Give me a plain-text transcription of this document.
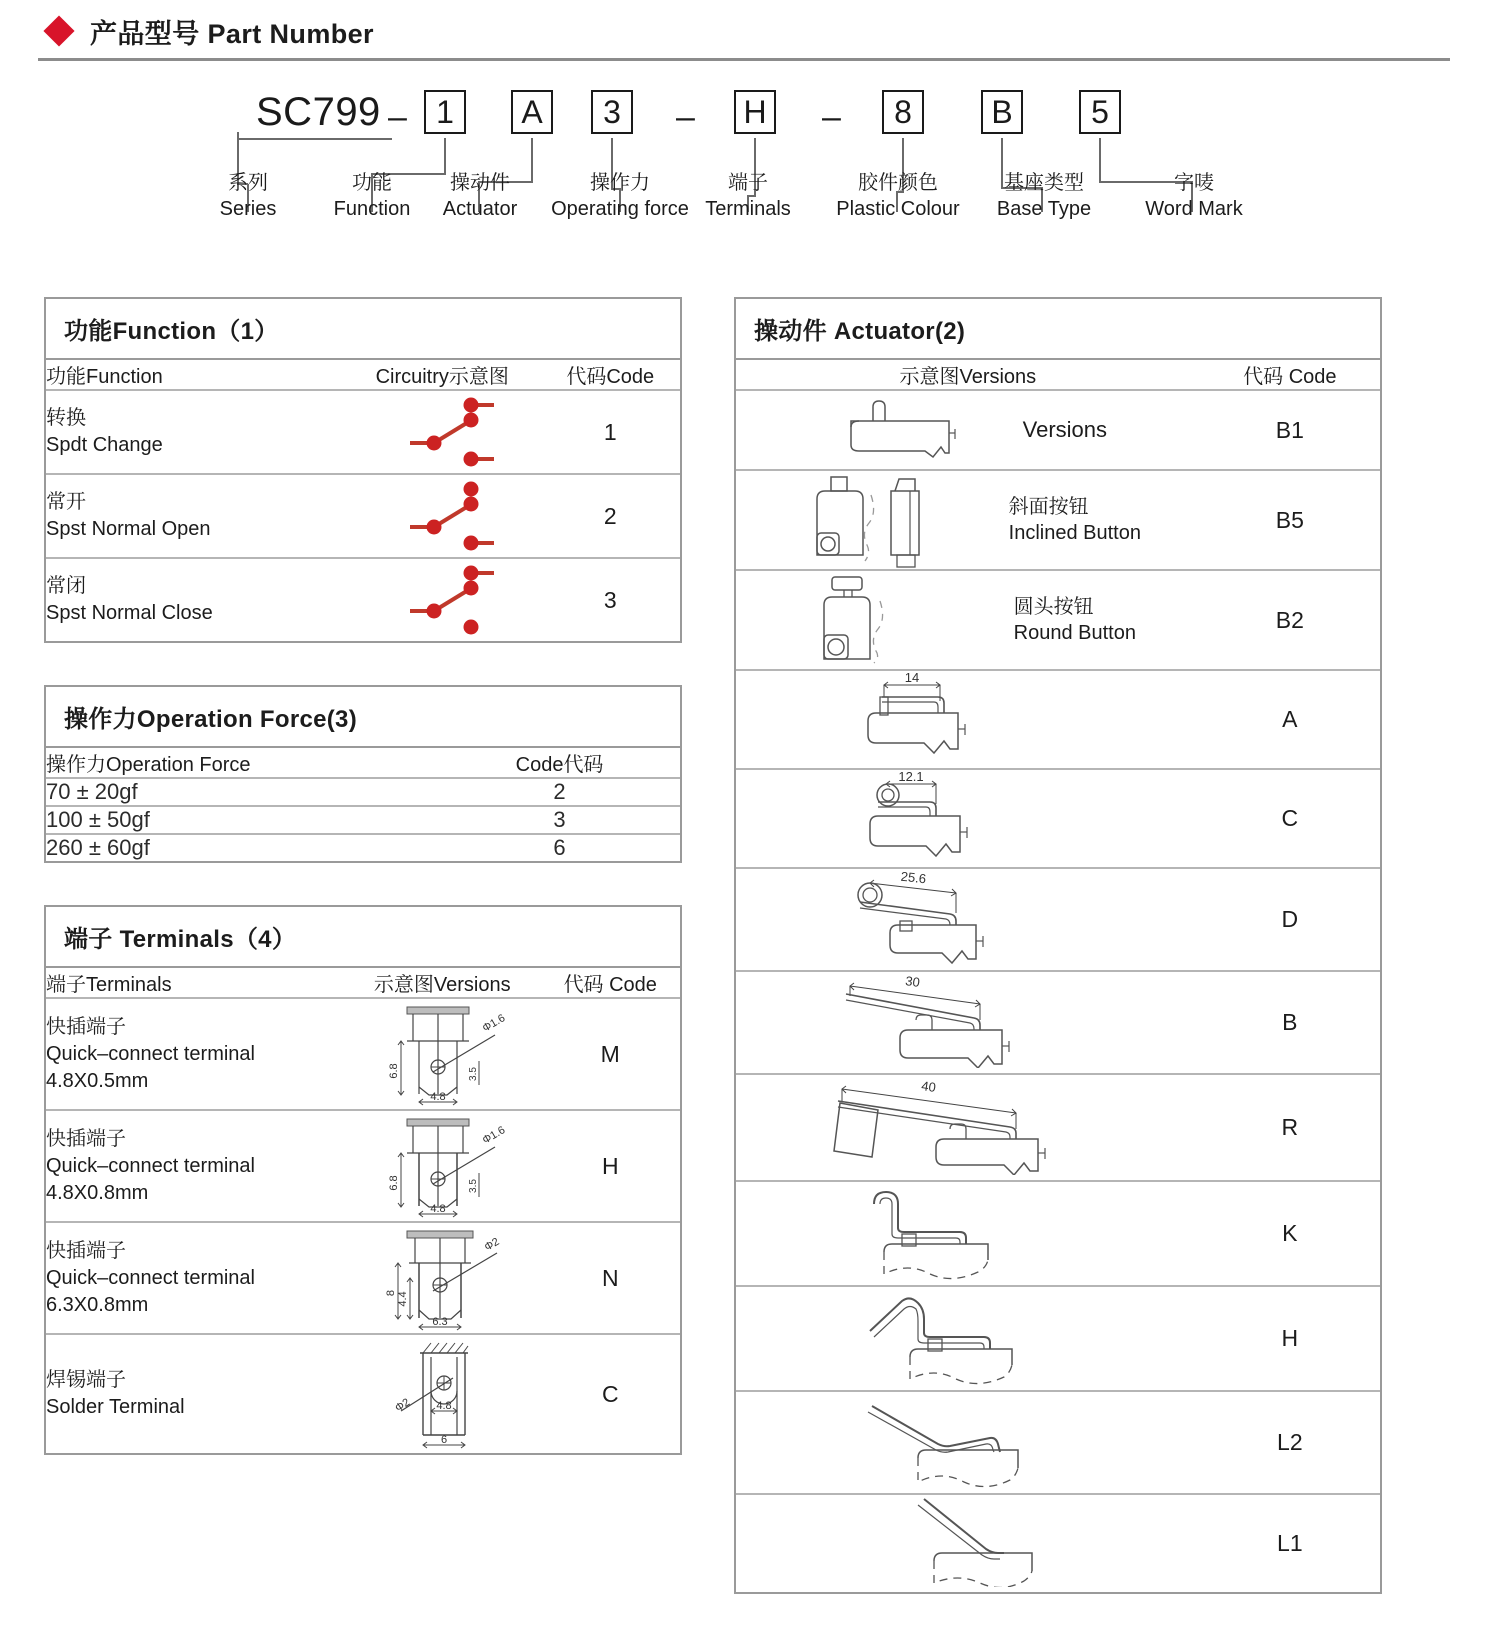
产品型号 Part Number
SC799 – 1	A	3	– H –	8	B	5
系列
Series
功能
Function
操动件
Actuator
操作力
Operating force
端子
Terminals
胶件颜色
Plastic Colour
基座类型
Base Type
字唛
Word Mark
功能Function（1）
功能Function	Circuitry示意图	代码Code

转换
Spdt Change		1

常开
Spst Normal Open		2

常闭
Spst Normal Close		3
操作力Operation Force(3)
操作力Operation Force	Code代码
70 ± 20gf	2
100 ± 50gf	3
260 ± 60gf	6
端子 Terminals（4）
端子Terminals	示意图Versions	代码 Code

快插端子
Quick–connect terminal
4.8X0.5mm	Φ1.6
6.8 3.5
4.8	M

快插端子
Quick–connect terminal
4.8X0.8mm	Φ1.6
6.8 3.5
4.8	H

快插端子
Quick–connect terminal
6.3X0.8mm	Φ2
8 4.4
6.3	N

焊锡端子
Solder Terminal	Φ2 4.8
6	C
操动件 Actuator(2)
示意图Versions	代码 Code

Versions	B1

斜面按钮
Inclined Button	B5

圆头按钮
Round Button	B2

14	A

12.1	C

25.6	D

30	B

40	R
	K
	H
	L2
	L1
